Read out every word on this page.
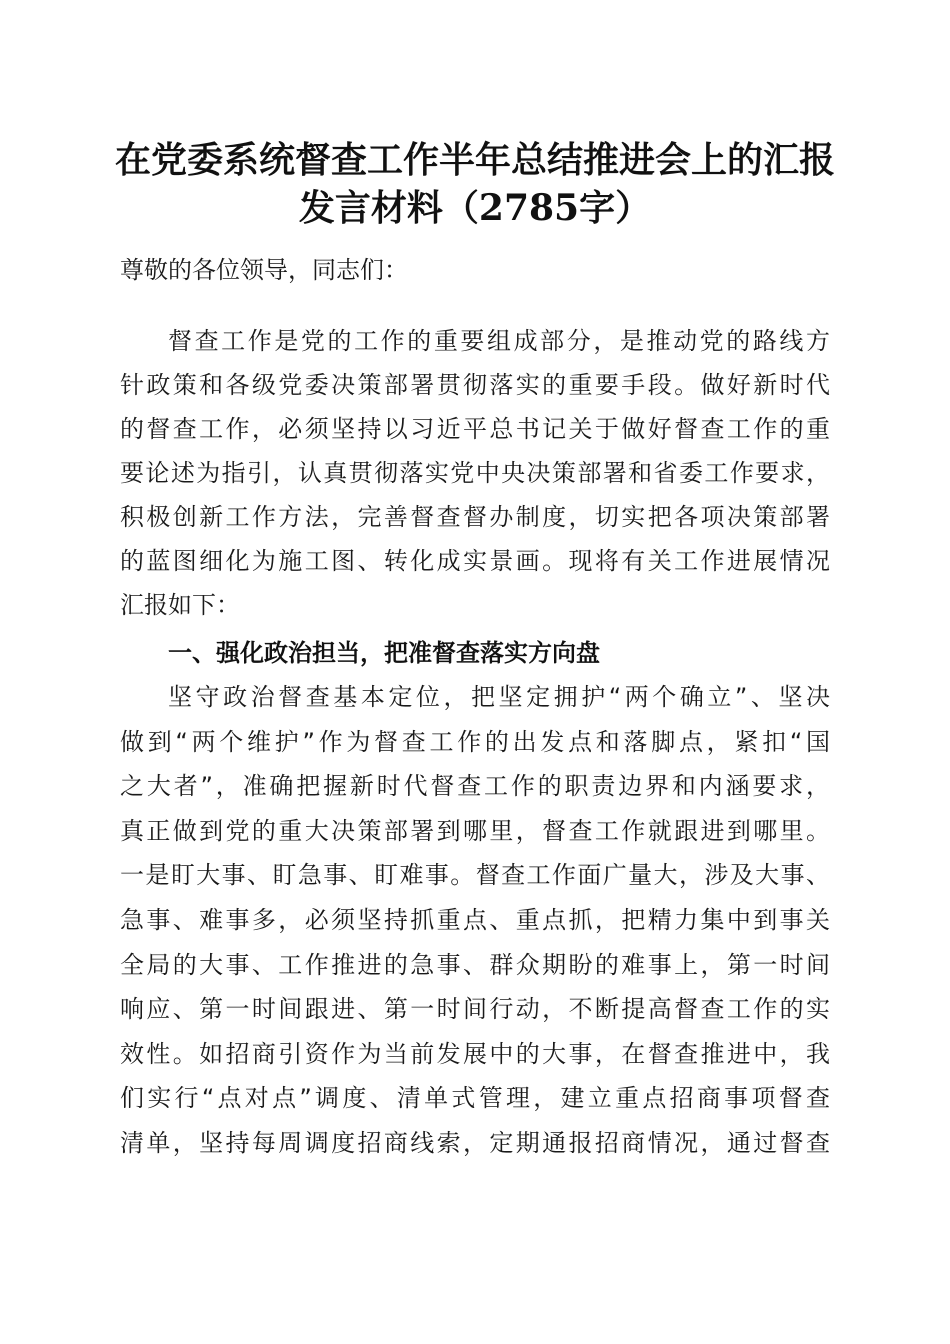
在党委系统督查工作半年总结推进会上的汇报
发言材料（2785字）
尊敬的各位领导，同志们：
督查工作是党的工作的重要组成部分，是推动党的路线方
针政策和各级党委决策部署贯彻落实的重要手段。做好新时代
的督查工作，必须坚持以习近平总书记关于做好督查工作的重
要论述为指引，认真贯彻落实党中央决策部署和省委工作要求，
积极创新工作方法，完善督查督办制度，切实把各项决策部署
的蓝图细化为施工图、转化成实景画。现将有关工作进展情况
汇报如下：
一、强化政治担当，把准督查落实方向盘
坚守政治督查基本定位，把坚定拥护“两个确立”、坚决
做到“两个维护”作为督查工作的出发点和落脚点，紧扣“国
之大者”，准确把握新时代督查工作的职责边界和内涵要求，
真正做到党的重大决策部署到哪里，督查工作就跟进到哪里。
一是盯大事、盯急事、盯难事。督查工作面广量大，涉及大事、
急事、难事多，必须坚持抓重点、重点抓，把精力集中到事关
全局的大事、工作推进的急事、群众期盼的难事上，第一时间
响应、第一时间跟进、第一时间行动，不断提高督查工作的实
效性。如招商引资作为当前发展中的大事，在督查推进中，我
们实行“点对点”调度、清单式管理，建立重点招商事项督查
清单，坚持每周调度招商线索，定期通报招商情况，通过督查
